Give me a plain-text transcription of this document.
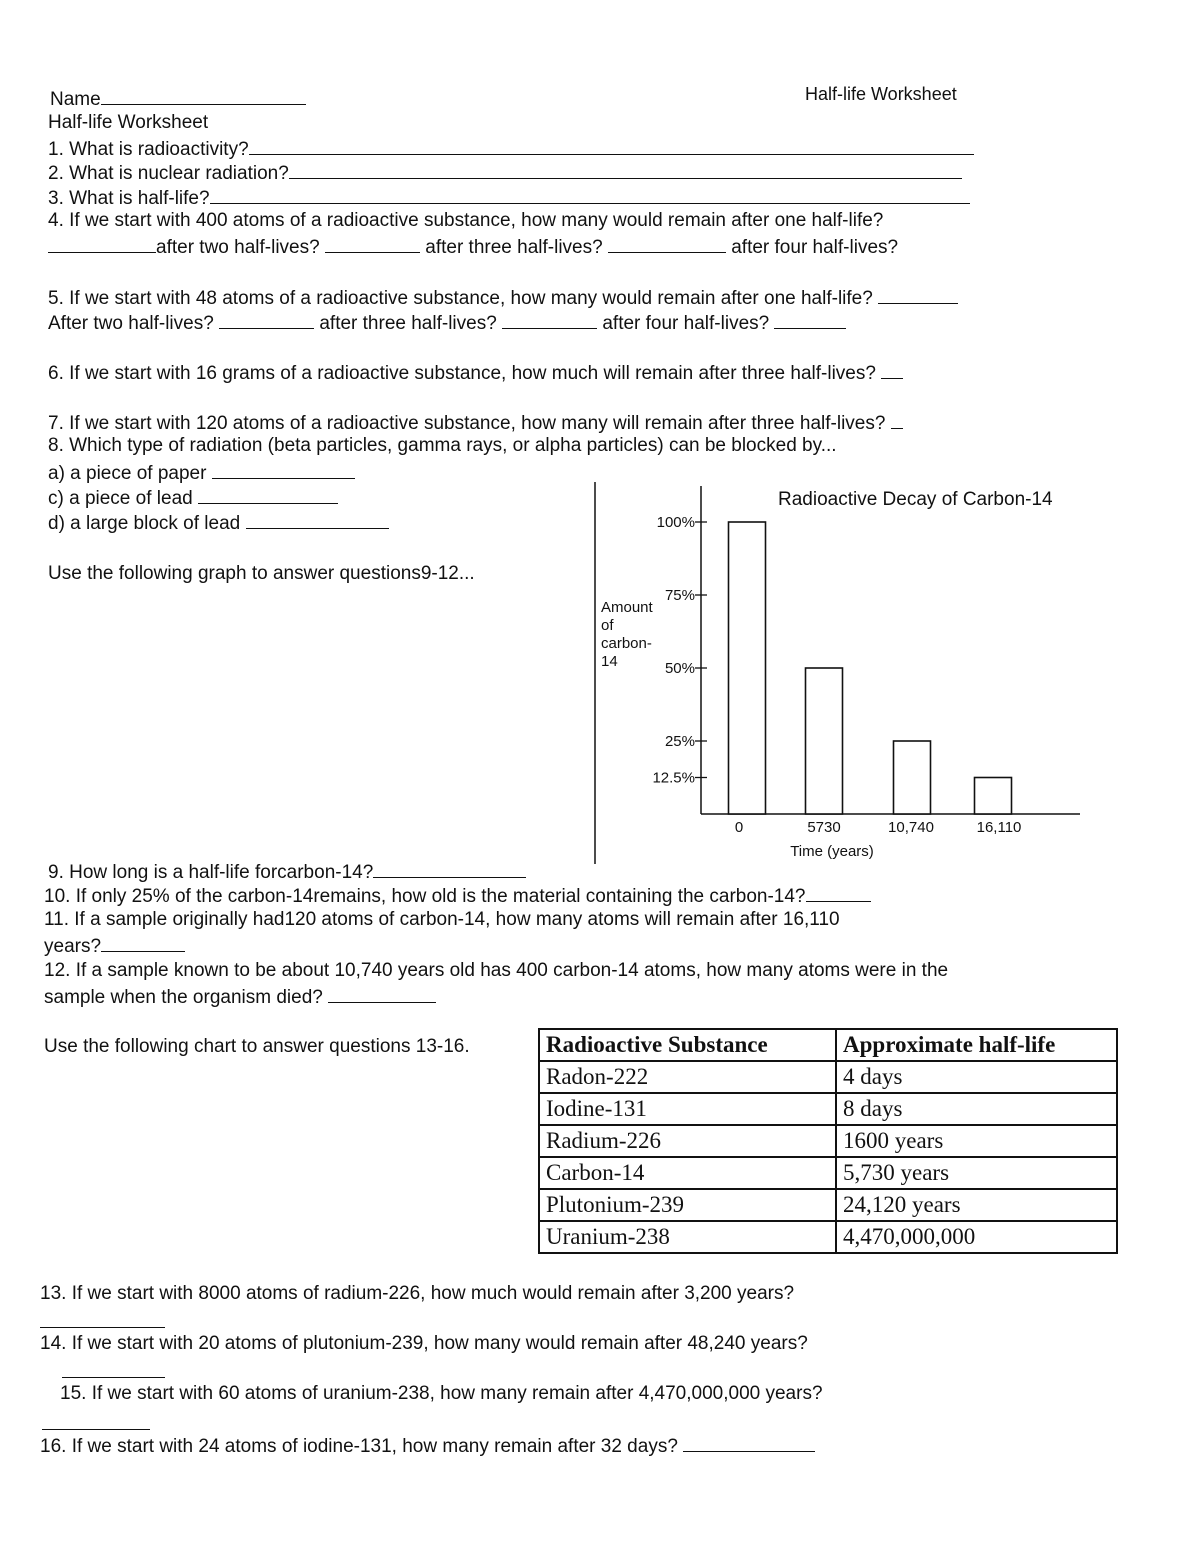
Name	Half-life Worksheet
Half-life Worksheet
1. What is radioactivity?
2. What is nuclear radiation?
3. What is half-life?
4. If we start with 400 atoms of a radioactive substance, how many would remain after one half-life?
after two half-lives?	after three half-lives?	after four half-lives?
5. If we start with 48 atoms of a radioactive substance, how many would remain after one half-life?
After two half-lives?	after three half-lives?	after four half-lives?
6. If we start with 16 grams of a radioactive substance, how much will remain after three half-lives?
7. If we start with 120 atoms of a radioactive substance, how many will remain after three half-lives?
8. Which type of radiation (beta particles, gamma rays, or alpha particles) can be blocked by...
a) a piece of paper
c) a piece of lead
d) a large block of lead
Use the following graph to answer questions9-12...
Radioactive Decay of Carbon-14
100%
75%
50%
25%
12.5%
Amount
of
carbon-
14
0	5730	10,740	16,110
Time (years)
9. How long is a half-life forcarbon-14?
10. If only 25% of the carbon-14remains, how old is the material containing the carbon-14?
11. If a sample originally had120 atoms of carbon-14, how many atoms will remain after 16,110
years?
12. If a sample known to be about 10,740 years old has 400 carbon-14 atoms, how many atoms were in the
sample when the organism died?
Use the following chart to answer questions 13-16.	Radioactive Substance	Approximate half-life
Radon-222	4 days
Iodine-131	8 days
Radium-226	1600 years
Carbon-14	5,730 years
Plutonium-239	24,120 years
Uranium-238	4,470,000,000
13. If we start with 8000 atoms of radium-226, how much would remain after 3,200 years?
14. If we start with 20 atoms of plutonium-239, how many would remain after 48,240 years?
15. If we start with 60 atoms of uranium-238, how many remain after 4,470,000,000 years?
16. If we start with 24 atoms of iodine-131, how many remain after 32 days?
